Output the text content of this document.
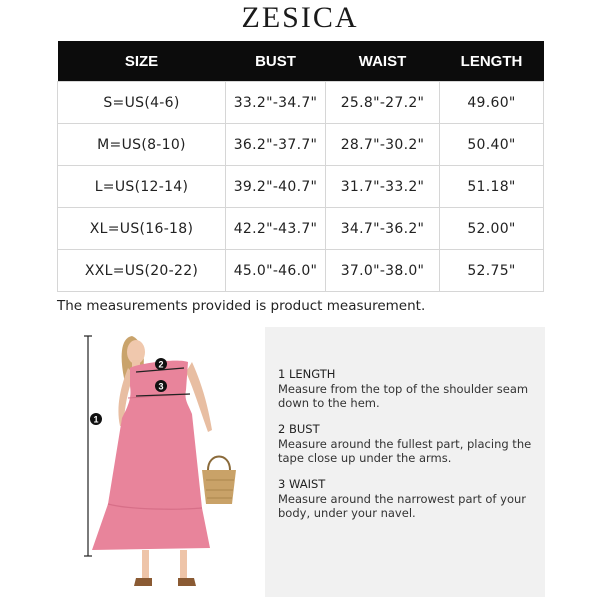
ZESICA
SIZE	BUST	WAIST	LENGTH
S=US(4-6)	33.2"-34.7"	25.8"-27.2"	49.60"
M=US(8-10)	36.2"-37.7"	28.7"-30.2"	50.40"
L=US(12-14)	39.2"-40.7"	31.7"-33.2"	51.18"
XL=US(16-18)	42.2"-43.7"	34.7"-36.2"	52.00"
XXL=US(20-22)	45.0"-46.0"	37.0"-38.0"	52.75"
The measurements provided is product measurement.
1
2
3
1 LENGTH
Measure from the top of the shoulder seam down to the hem.
2 BUST
Measure around the fullest part, placing the tape close up under the arms.
3 WAIST
Measure around the narrowest part of your body, under your navel.
